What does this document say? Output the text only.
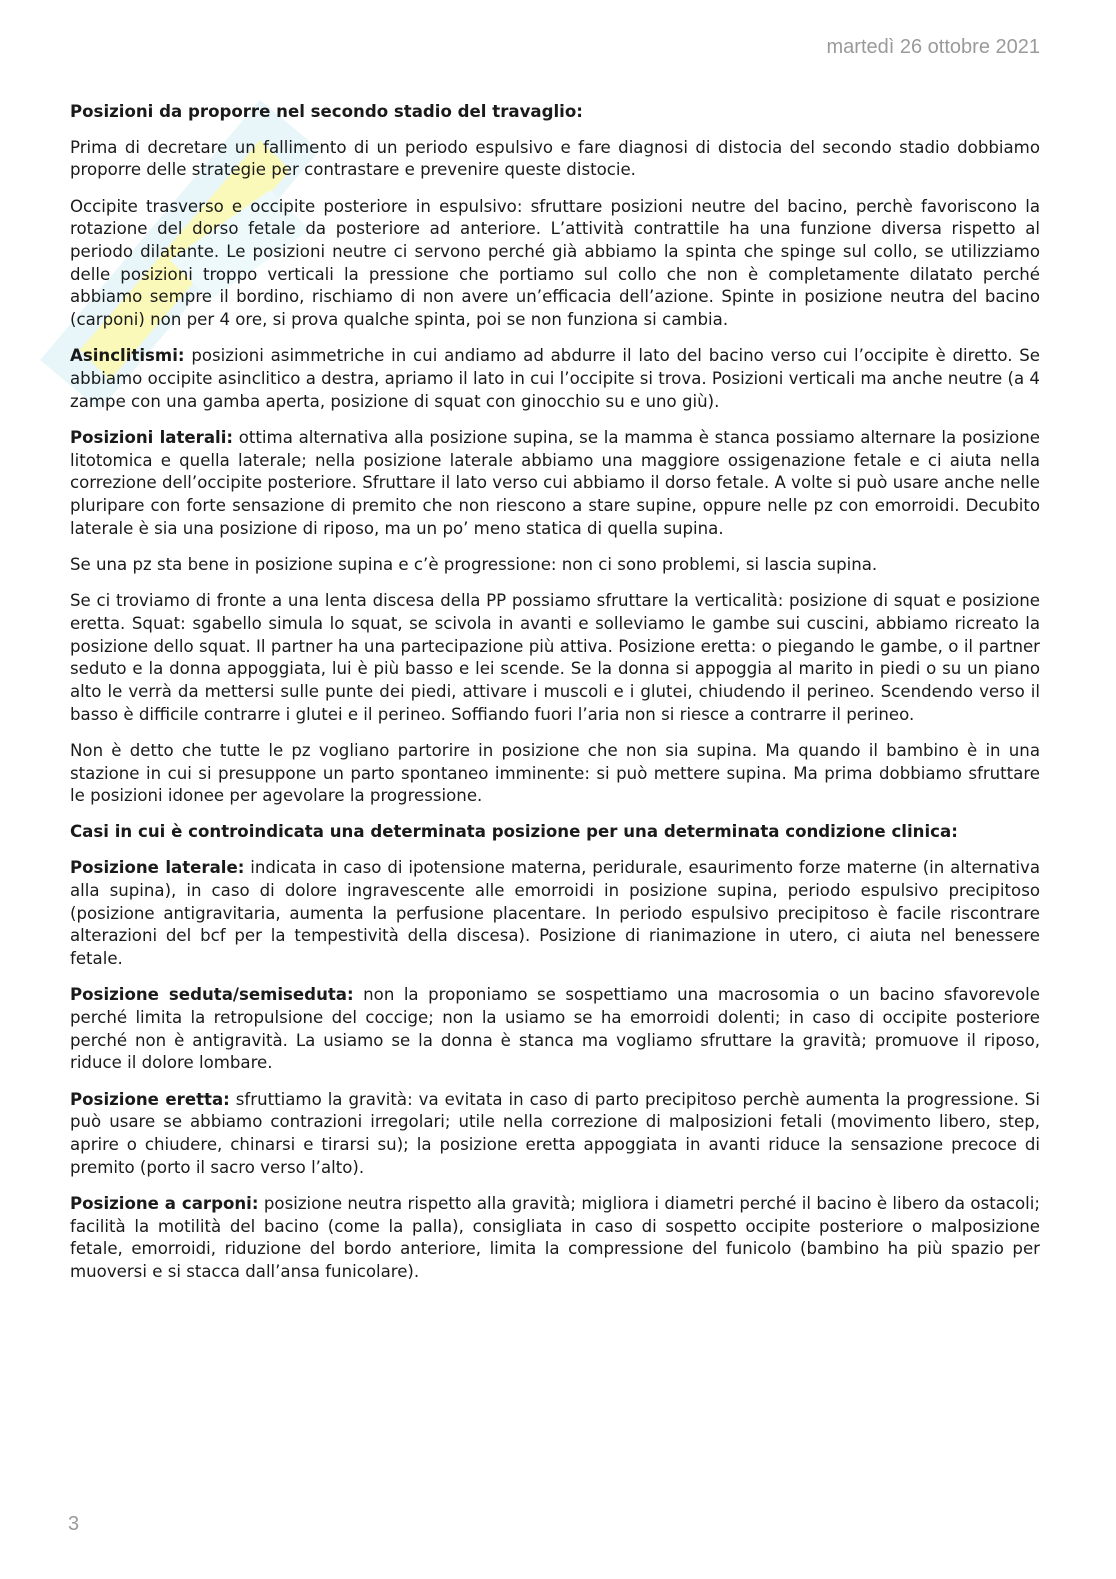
martedì 26 ottobre 2021
Posizioni da proporre nel secondo stadio del travaglio:

Prima di decretare un fallimento di un periodo espulsivo e fare diagnosi di distocia del secondo stadio dobbiamo proporre delle strategie per contrastare e prevenire queste distocie.

Occipite trasverso e occipite posteriore in espulsivo: sfruttare posizioni neutre del bacino, perchè favoriscono la rotazione del dorso fetale da posteriore ad anteriore. L’attività contrattile ha una funzione diversa rispetto al periodo dilatante. Le posizioni neutre ci servono perché già abbiamo la spinta che spinge sul collo, se utilizziamo delle posizioni troppo verticali la pressione che portiamo sul collo che non è completamente dilatato perché abbiamo sempre il bordino, rischiamo di non avere un’efficacia dell’azione. Spinte in posizione neutra del bacino (carponi) non per 4 ore, si prova qualche spinta, poi se non funziona si cambia.

Asinclitismi: posizioni asimmetriche in cui andiamo ad abdurre il lato del bacino verso cui l’occipite è diretto. Se abbiamo occipite asinclitico a destra, apriamo il lato in cui l’occipite si trova. Posizioni verticali ma anche neutre (a 4 zampe con una gamba aperta, posizione di squat con ginocchio su e uno giù).

Posizioni laterali: ottima alternativa alla posizione supina, se la mamma è stanca possiamo alternare la posizione litotomica e quella laterale; nella posizione laterale abbiamo una maggiore ossigenazione fetale e ci aiuta nella correzione dell’occipite posteriore. Sfruttare il lato verso cui abbiamo il dorso fetale. A volte si può usare anche nelle pluripare con forte sensazione di premito che non riescono a stare supine, oppure nelle pz con emorroidi. Decubito laterale è sia una posizione di riposo, ma un po’ meno statica di quella supina.

Se una pz sta bene in posizione supina e c’è progressione: non ci sono problemi, si lascia supina.

Se ci troviamo di fronte a una lenta discesa della PP possiamo sfruttare la verticalità: posizione di squat e posizione eretta. Squat: sgabello simula lo squat, se scivola in avanti e solleviamo le gambe sui cuscini, abbiamo ricreato la posizione dello squat. Il partner ha una partecipazione più attiva. Posizione eretta: o piegando le gambe, o il partner seduto e la donna appoggiata, lui è più basso e lei scende. Se la donna si appoggia al marito in piedi o su un piano alto le verrà da mettersi sulle punte dei piedi, attivare i muscoli e i glutei, chiudendo il perineo. Scendendo verso il basso è difficile contrarre i glutei e il perineo. Soffiando fuori l’aria non si riesce a contrarre il perineo.

Non è detto che tutte le pz vogliano partorire in posizione che non sia supina. Ma quando il bambino è in una stazione in cui si presuppone un parto spontaneo imminente: si può mettere supina. Ma prima dobbiamo sfruttare le posizioni idonee per agevolare la progressione.

Casi in cui è controindicata una determinata posizione per una determinata condizione clinica:

Posizione laterale: indicata in caso di ipotensione materna, peridurale, esaurimento forze materne (in alternativa alla supina), in caso di dolore ingravescente alle emorroidi in posizione supina, periodo espulsivo precipitoso (posizione antigravitaria, aumenta la perfusione placentare. In periodo espulsivo precipitoso è facile riscontrare alterazioni del bcf per la tempestività della discesa). Posizione di rianimazione in utero, ci aiuta nel benessere fetale.

Posizione seduta/semiseduta: non la proponiamo se sospettiamo una macrosomia o un bacino sfavorevole perché limita la retropulsione del coccige; non la usiamo se ha emorroidi dolenti; in caso di occipite posteriore perché non è antigravità. La usiamo se la donna è stanca ma vogliamo sfruttare la gravità; promuove il riposo, riduce il dolore lombare.

Posizione eretta: sfruttiamo la gravità: va evitata in caso di parto precipitoso perchè aumenta la progressione. Si può usare se abbiamo contrazioni irregolari; utile nella correzione di malposizioni fetali (movimento libero, step, aprire o chiudere, chinarsi e tirarsi su); la posizione eretta appoggiata in avanti riduce la sensazione precoce di premito (porto il sacro verso l’alto).

Posizione a carponi: posizione neutra rispetto alla gravità; migliora i diametri perché il bacino è libero da ostacoli; facilità la motilità del bacino (come la palla), consigliata in caso di sospetto occipite posteriore o malposizione fetale, emorroidi, riduzione del bordo anteriore, limita la compressione del funicolo (bambino ha più spazio per muoversi e si stacca dall’ansa funicolare).

3
